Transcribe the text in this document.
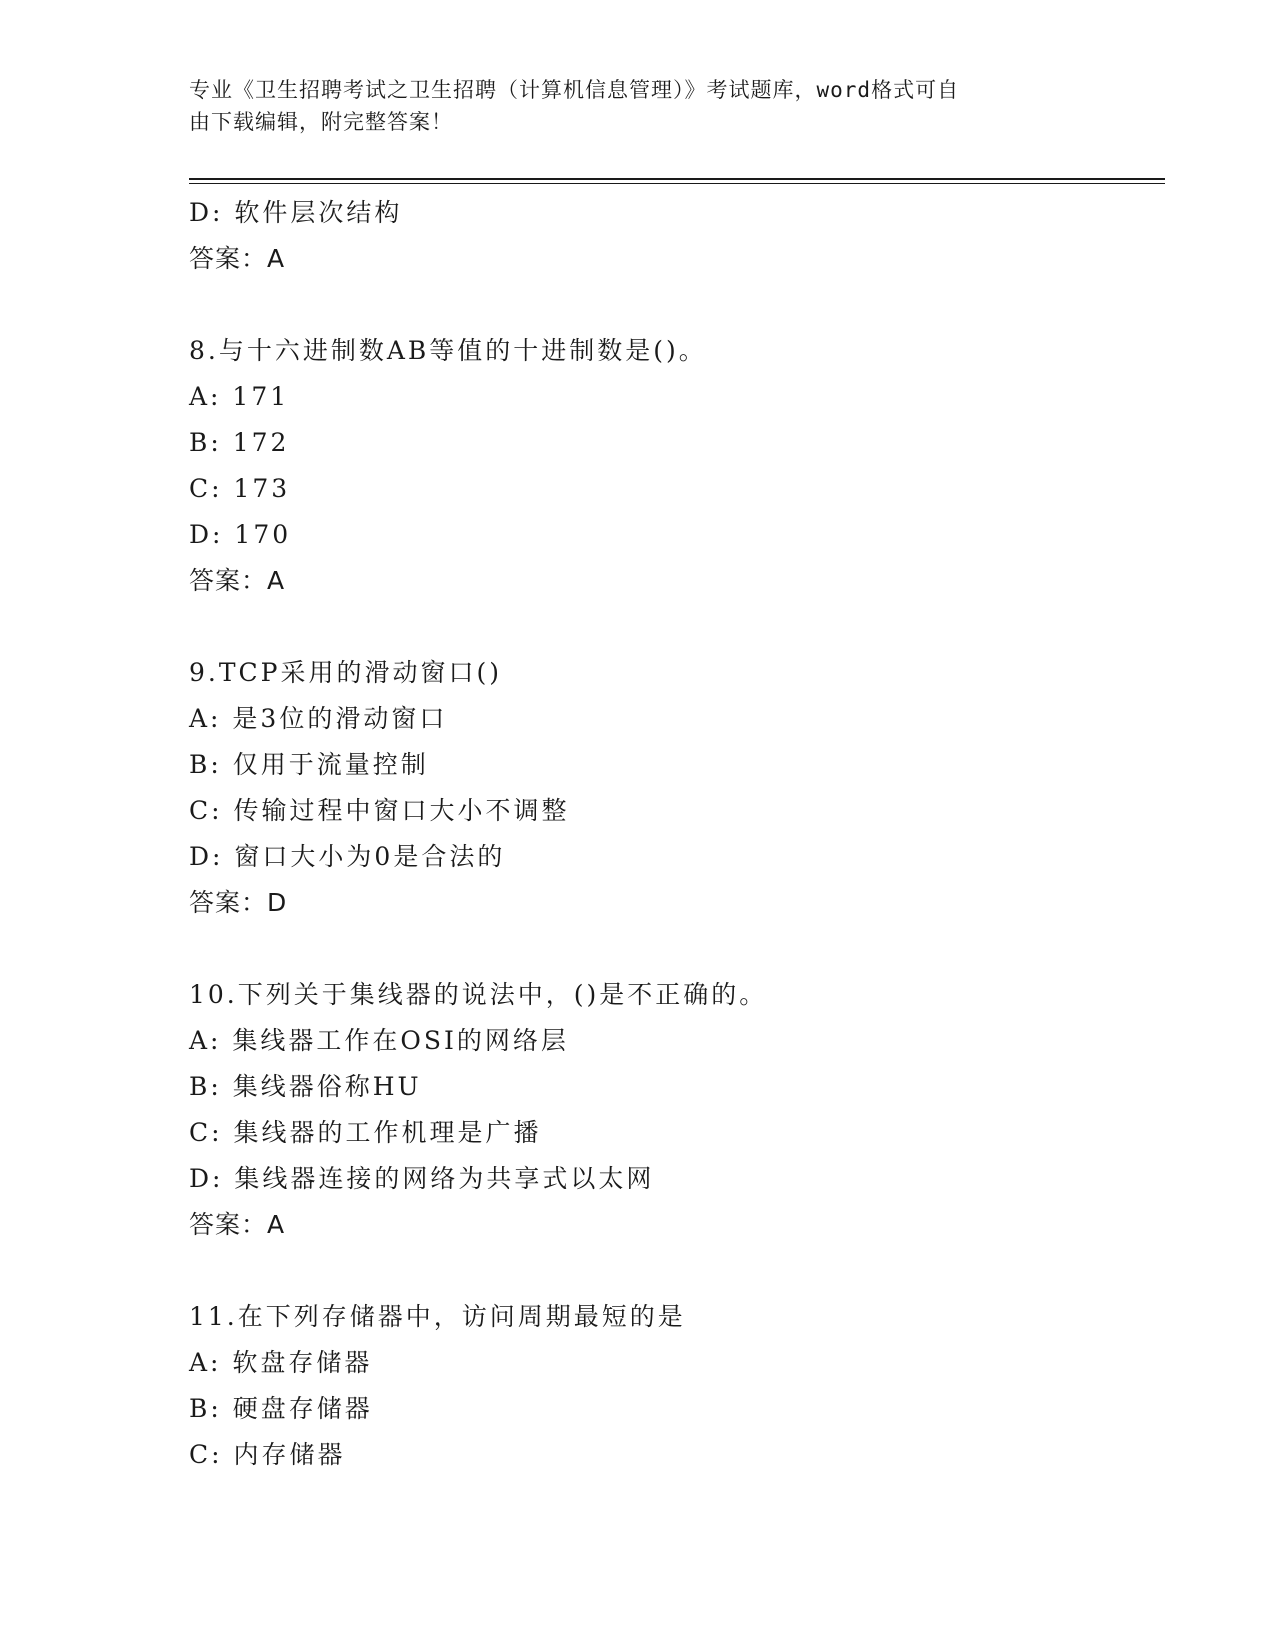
专业《卫生招聘考试之卫生招聘（计算机信息管理）》考试题库，word格式可自
由下载编辑，附完整答案！
D: 软件层次结构
答案：A
8.与十六进制数AB等值的十进制数是()。
A: 171
B: 172
C: 173
D: 170
答案：A
9.TCP采用的滑动窗口()
A: 是3位的滑动窗口
B: 仅用于流量控制
C: 传输过程中窗口大小不调整
D: 窗口大小为0是合法的
答案：D
10.下列关于集线器的说法中，()是不正确的。
A: 集线器工作在OSI的网络层
B: 集线器俗称HU
C: 集线器的工作机理是广播
D: 集线器连接的网络为共享式以太网
答案：A
11.在下列存储器中，访问周期最短的是
A: 软盘存储器
B: 硬盘存储器
C: 内存储器
